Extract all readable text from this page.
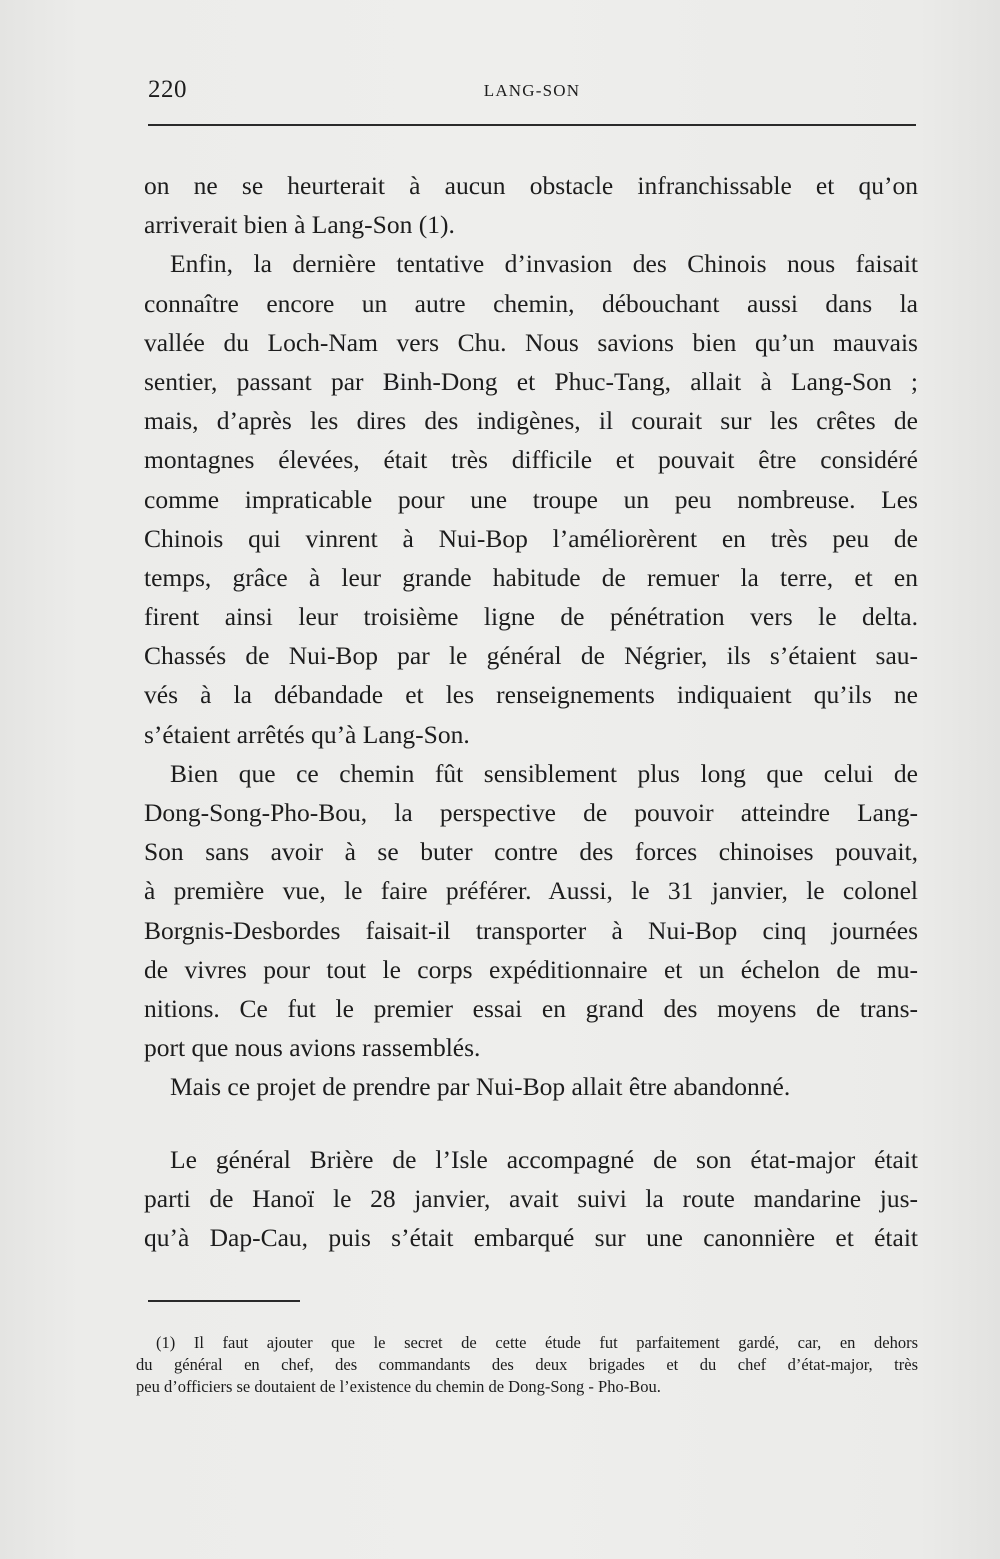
220	LANG-SON
on ne se heurterait à aucun obstacle infranchissable et qu’on
arriverait bien à Lang-Son (1).
Enfin, la dernière tentative d’invasion des Chinois nous faisait
connaître encore un autre chemin, débouchant aussi dans la
vallée du Loch-Nam vers Chu. Nous savions bien qu’un mauvais
sentier, passant par Binh-Dong et Phuc-Tang, allait à Lang-Son ;
mais, d’après les dires des indigènes, il courait sur les crêtes de
montagnes élevées, était très difficile et pouvait être considéré
comme impraticable pour une troupe un peu nombreuse. Les
Chinois qui vinrent à Nui-Bop l’améliorèrent en très peu de
temps, grâce à leur grande habitude de remuer la terre, et en
firent ainsi leur troisième ligne de pénétration vers le delta.
Chassés de Nui-Bop par le général de Négrier, ils s’étaient sau-
vés à la débandade et les renseignements indiquaient qu’ils ne
s’étaient arrêtés qu’à Lang-Son.
Bien que ce chemin fût sensiblement plus long que celui de
Dong-Song-Pho-Bou, la perspective de pouvoir atteindre Lang-
Son sans avoir à se buter contre des forces chinoises pouvait,
à première vue, le faire préférer. Aussi, le 31 janvier, le colonel
Borgnis-Desbordes faisait-il transporter à Nui-Bop cinq journées
de vivres pour tout le corps expéditionnaire et un échelon de mu-
nitions. Ce fut le premier essai en grand des moyens de trans-
port que nous avions rassemblés.
Mais ce projet de prendre par Nui-Bop allait être abandonné.
Le général Brière de l’Isle accompagné de son état-major était
parti de Hanoï le 28 janvier, avait suivi la route mandarine jus-
qu’à Dap-Cau, puis s’était embarqué sur une canonnière et était
(1) Il faut ajouter que le secret de cette étude fut parfaitement gardé, car, en dehors
du général en chef, des commandants des deux brigades et du chef d’état-major, très
peu d’officiers se doutaient de l’existence du chemin de Dong-Song - Pho-Bou.
